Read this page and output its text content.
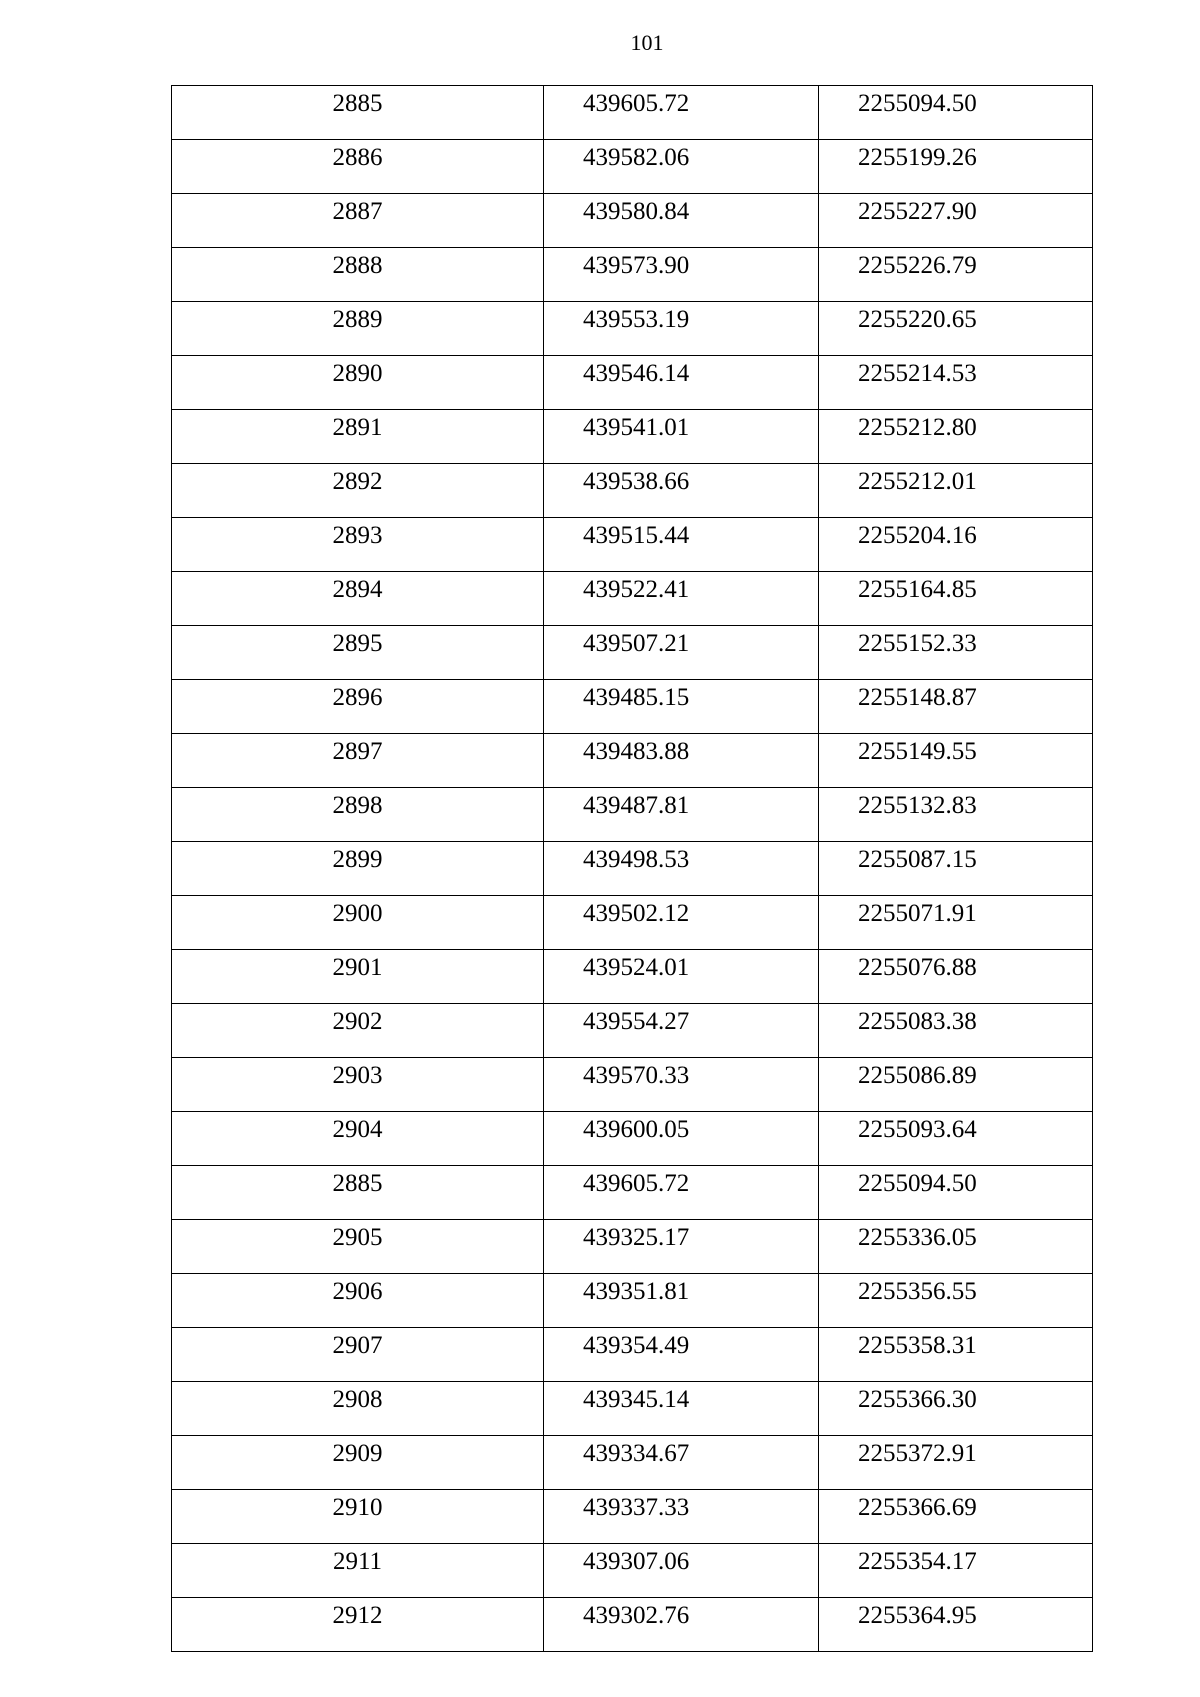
101
2885	439605.72	2255094.50
2886	439582.06	2255199.26
2887	439580.84	2255227.90
2888	439573.90	2255226.79
2889	439553.19	2255220.65
2890	439546.14	2255214.53
2891	439541.01	2255212.80
2892	439538.66	2255212.01
2893	439515.44	2255204.16
2894	439522.41	2255164.85
2895	439507.21	2255152.33
2896	439485.15	2255148.87
2897	439483.88	2255149.55
2898	439487.81	2255132.83
2899	439498.53	2255087.15
2900	439502.12	2255071.91
2901	439524.01	2255076.88
2902	439554.27	2255083.38
2903	439570.33	2255086.89
2904	439600.05	2255093.64
2885	439605.72	2255094.50
2905	439325.17	2255336.05
2906	439351.81	2255356.55
2907	439354.49	2255358.31
2908	439345.14	2255366.30
2909	439334.67	2255372.91
2910	439337.33	2255366.69
2911	439307.06	2255354.17
2912	439302.76	2255364.95
